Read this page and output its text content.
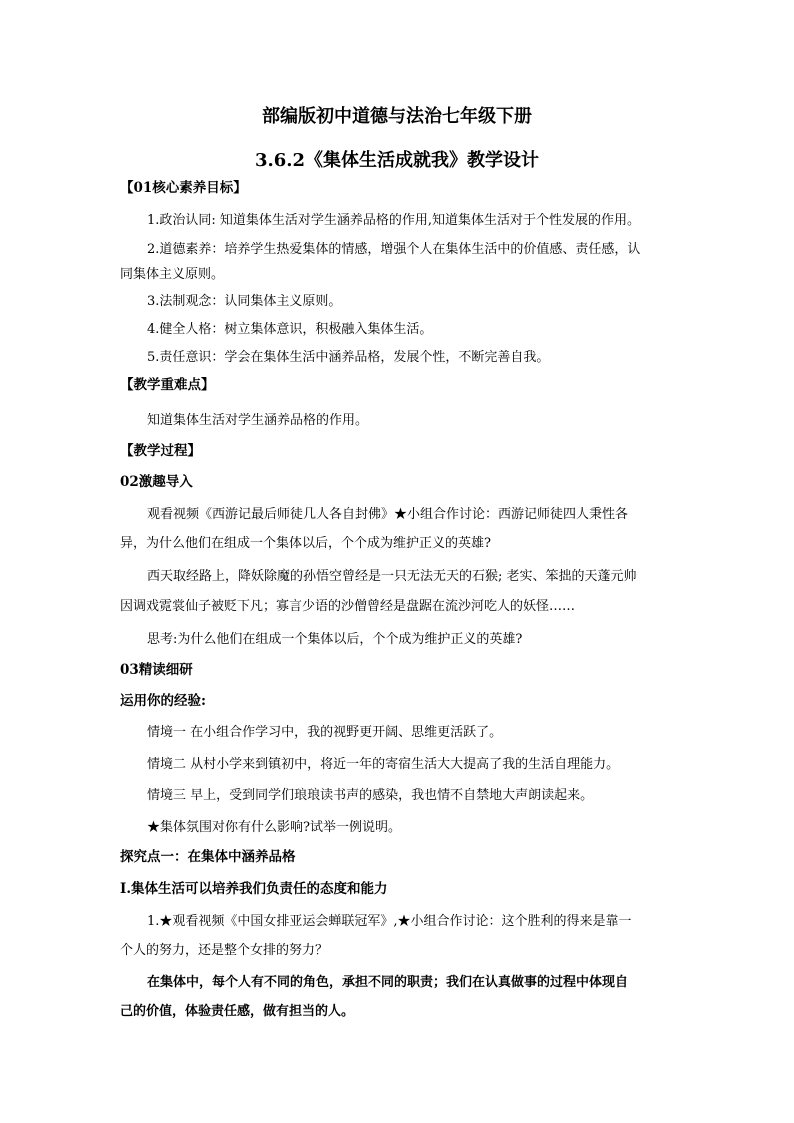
部编版初中道德与法治七年级下册
3.6.2《集体生活成就我》教学设计
【01核心素养目标】
1.政治认同: 知道集体生活对学生涵养品格的作用,知道集体生活对于个性发展的作用。
2.道德素养：培养学生热爱集体的情感，增强个人在集体生活中的价值感、责任感，认
同集体主义原则。
3.法制观念：认同集体主义原则。
4.健全人格：树立集体意识，积极融入集体生活。
5.责任意识：学会在集体生活中涵养品格，发展个性，不断完善自我。
【教学重难点】
知道集体生活对学生涵养品格的作用。
【教学过程】
02激趣导入
观看视频《西游记最后师徒几人各自封佛》★小组合作讨论：西游记师徒四人秉性各
异，为什么他们在组成一个集体以后，个个成为维护正义的英雄?
西天取经路上，降妖除魔的孙悟空曾经是一只无法无天的石猴; 老实、笨拙的天蓬元帅
因调戏霓裳仙子被贬下凡；寡言少语的沙僧曾经是盘踞在流沙河吃人的妖怪……
思考:为什么他们在组成一个集体以后，个个成为维护正义的英雄?
03精读细研
运用你的经验:
情境一 在小组合作学习中，我的视野更开阔、思维更活跃了。
情境二 从村小学来到镇初中，将近一年的寄宿生活大大提高了我的生活自理能力。
情境三 早上，受到同学们琅琅读书声的感染，我也情不自禁地大声朗读起来。
★集体氛围对你有什么影响?试举一例说明。
探究点一：在集体中涵养品格
Ⅰ.集体生活可以培养我们负责任的态度和能力
1.★观看视频《中国女排亚运会蝉联冠军》,★小组合作讨论：这个胜利的得来是靠一
个人的努力，还是整个女排的努力？
在集体中，每个人有不同的角色，承担不同的职责；我们在认真做事的过程中体现自
己的价值，体验责任感，做有担当的人。
